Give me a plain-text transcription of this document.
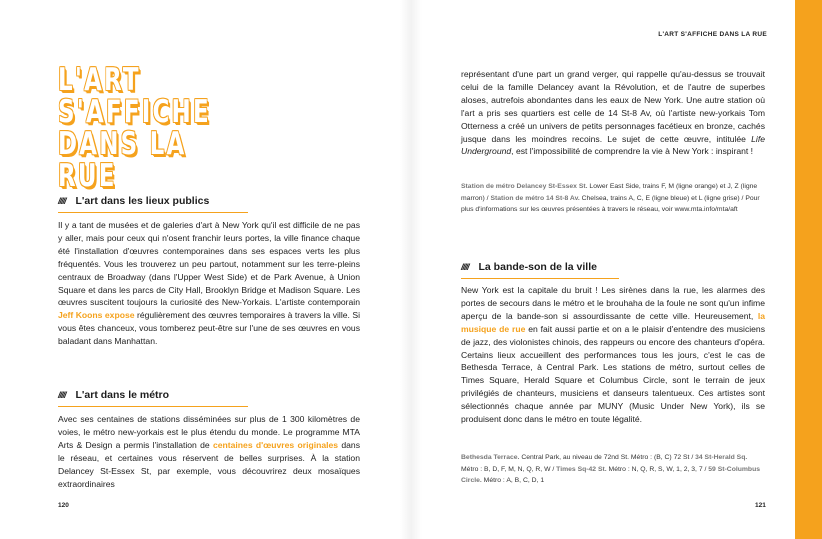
L'ART S'AFFICHE DANS LA RUE
L'ART S'AFFICHE
DANS LA RUE
///// L'art dans les lieux publics
Il y a tant de musées et de galeries d'art à New York qu'il est difficile de ne pas y aller, mais pour ceux qui n'osent franchir leurs portes, la ville finance chaque été l'installation d'œuvres contemporaines dans ses espaces verts les plus fréquentés. Vous les trouverez un peu partout, notamment sur les terre-pleins centraux de Broadway (dans l'Upper West Side) et de Park Avenue, à Union Square et dans les parcs de City Hall, Brooklyn Bridge et Madison Square. Les œuvres suscitent toujours la curiosité des New-Yorkais. L'artiste contemporain Jeff Koons expose régulièrement des œuvres temporaires à travers la ville. Si vous êtes chanceux, vous tomberez peut-être sur l'une de ses œuvres en vous baladant dans Manhattan.
///// L'art dans le métro
Avec ses centaines de stations disséminées sur plus de 1 300 kilomètres de voies, le métro new-yorkais est le plus étendu du monde. Le programme MTA Arts & Design a permis l'installation de centaines d'œuvres originales dans le réseau, et certaines vous réservent de belles surprises. À la station Delancey St-Essex St, par exemple, vous découvrirez deux mosaïques extraordinaires
120
représentant d'une part un grand verger, qui rappelle qu'au-dessus se trouvait celui de la famille Delancey avant la Révolution, et de l'autre de superbes aloses, autrefois abondantes dans les eaux de New York. Une autre station où l'art a pris ses quartiers est celle de 14 St-8 Av, où l'artiste new-yorkais Tom Otterness a créé un univers de petits personnages facétieux en bronze, cachés jusque dans les moindres recoins. Le sujet de cette œuvre, intitulée Life Underground, est l'impossibilité de comprendre la vie à New York : inspirant !
Station de métro Delancey St-Essex St. Lower East Side, trains F, M (ligne orange) et J, Z (ligne marron) / Station de métro 14 St-8 Av. Chelsea, trains A, C, E (ligne bleue) et L (ligne grise) / Pour plus d'informations sur les œuvres présentées à travers le réseau, voir www.mta.info/mta/aft
///// La bande-son de la ville
New York est la capitale du bruit ! Les sirènes dans la rue, les alarmes des portes de secours dans le métro et le brouhaha de la foule ne sont qu'un infime aperçu de la bande-son si assourdissante de cette ville. Heureusement, la musique de rue en fait aussi partie et on a le plaisir d'entendre des musiciens de jazz, des violonistes chinois, des rappeurs ou encore des chanteurs d'opéra. Certains lieux accueillent des performances tous les jours, c'est le cas de Bethesda Terrace, à Central Park. Les stations de métro, surtout celles de Times Square, Herald Square et Columbus Circle, sont le terrain de jeux privilégiés de chanteurs, musiciens et danseurs talentueux. Ces artistes sont sélectionnés chaque année par MUNY (Music Under New York), ils se produisent donc dans le métro en toute légalité.
Bethesda Terrace. Central Park, au niveau de 72nd St. Métro : (B, C) 72 St / 34 St-Herald Sq. Métro : B, D, F, M, N, Q, R, W / Times Sq-42 St. Métro : N, Q, R, S, W, 1, 2, 3, 7 / 59 St-Columbus Circle. Métro : A, B, C, D, 1
121
